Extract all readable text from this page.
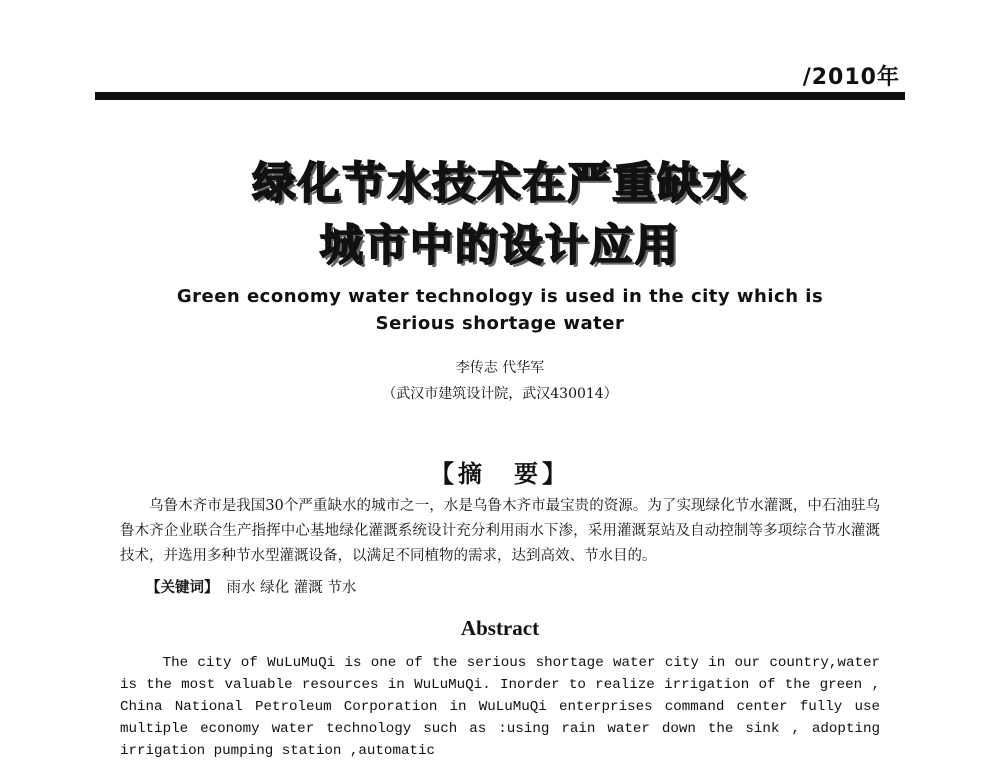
/2010年
绿化节水技术在严重缺水
城市中的设计应用
Green economy water technology is used in the city which is
Serious shortage water
李传志 代华军
（武汉市建筑设计院，武汉430014）
【摘　要】
乌鲁木齐市是我国30个严重缺水的城市之一，水是乌鲁木齐市最宝贵的资源。为了实现绿化节水灌溉，中石油驻乌鲁木齐企业联合生产指挥中心基地绿化灌溉系统设计充分利用雨水下渗，采用灌溉泵站及自动控制等多项综合节水灌溉技术，并选用多种节水型灌溉设备，以满足不同植物的需求，达到高效、节水目的。
【关键词】 雨水 绿化 灌溉 节水
Abstract
The city of WuLuMuQi is one of the serious shortage water city in our country,water is the most valuable resources in WuLuMuQi. Inorder to realize irrigation of the green , China National Petroleum Corporation in WuLuMuQi enterprises command center fully use multiple economy water technology such as :using rain water down the sink , adopting irrigation pumping station ,automatic
